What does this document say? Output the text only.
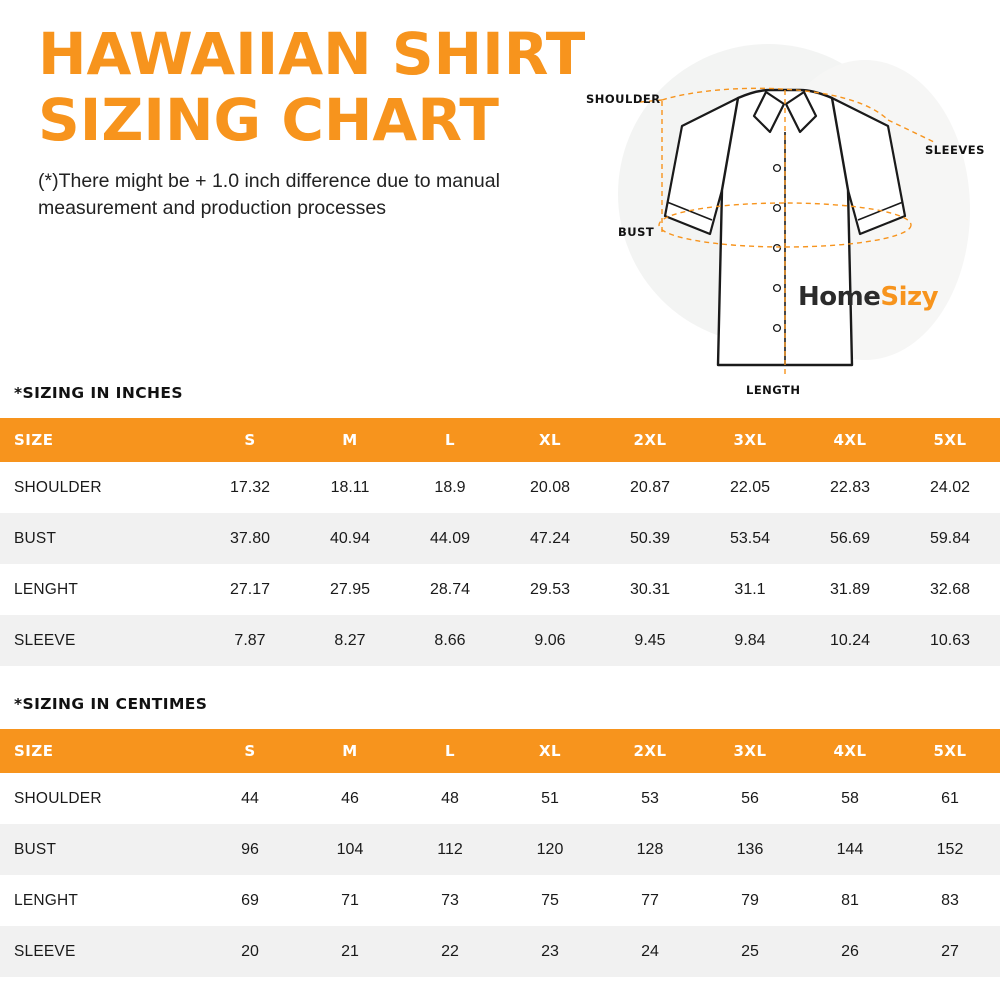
HAWAIIAN SHIRT
SIZING CHART
(*)There might be + 1.0 inch difference due to manual measurement and production processes
SHOULDER
SLEEVES
BUST
LENGTH
HomeSizy
*SIZING IN INCHES
SIZE	S	M	L	XL	2XL	3XL	4XL	5XL
SHOULDER	17.32	18.11	18.9	20.08	20.87	22.05	22.83	24.02
BUST	37.80	40.94	44.09	47.24	50.39	53.54	56.69	59.84
LENGHT	27.17	27.95	28.74	29.53	30.31	31.1	31.89	32.68
SLEEVE	7.87	8.27	8.66	9.06	9.45	9.84	10.24	10.63
*SIZING IN CENTIMES
SIZE	S	M	L	XL	2XL	3XL	4XL	5XL
SHOULDER	44	46	48	51	53	56	58	61
BUST	96	104	112	120	128	136	144	152
LENGHT	69	71	73	75	77	79	81	83
SLEEVE	20	21	22	23	24	25	26	27
